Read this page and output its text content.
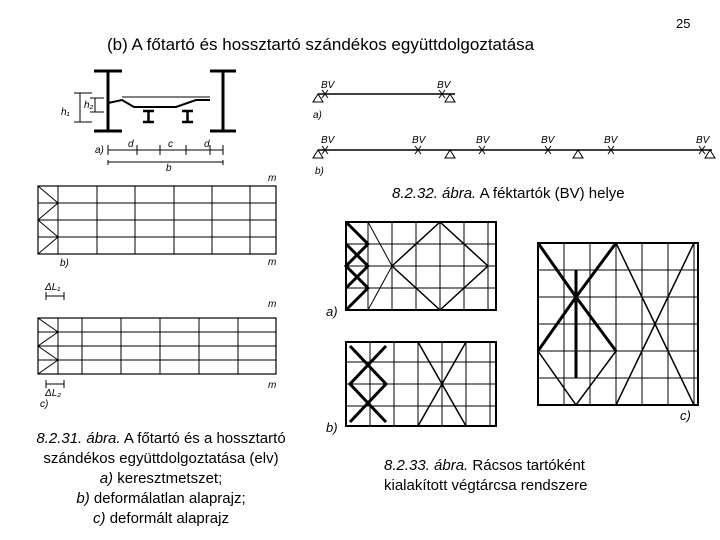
25
(b) A főtartó és hossztartó szándékos együttdolgoztatása
8.2.32. ábra. A féktartók (BV) helye
8.2.31. ábra. A főtartó és a hossztartó
szándékos együttdolgoztatása (elv)
a) keresztmetszet;
b) deformálatlan alaprajz;
c) deformált alaprajz
8.2.33. ábra. Rácsos tartóként
kialakított végtárcsa rendszere
h₁
h₂
a)
d	c	d
b
m
m
b)
ΔL₁
ΔL₂
c)
m
m
BV	BV
a)
BV	BV	BV	BV	BV	BV
b)
a)
b)
c)
